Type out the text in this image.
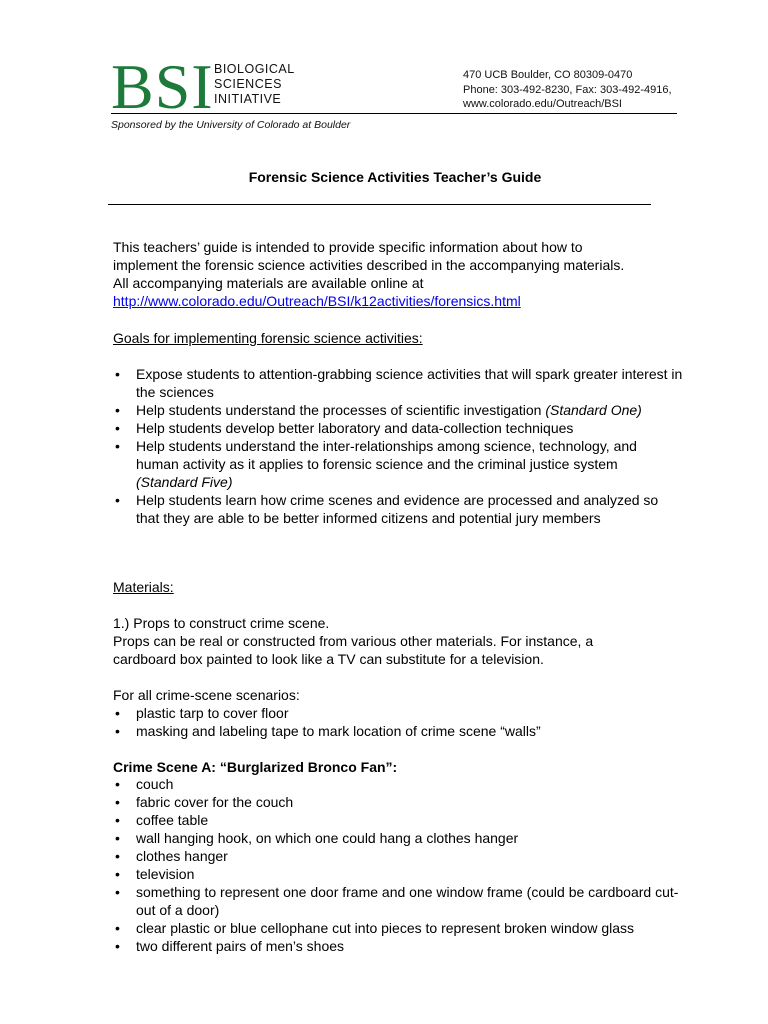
BSI BIOLOGICAL
SCIENCES
INITIATIVE
470 UCB Boulder, CO 80309-0470
Phone: 303-492-8230, Fax: 303-492-4916,
www.colorado.edu/Outreach/BSI
Sponsored by the University of Colorado at Boulder
Forensic Science Activities Teacher’s Guide
This teachers’ guide is intended to provide specific information about how to
implement the forensic science activities described in the accompanying materials.
All accompanying materials are available online at
http://www.colorado.edu/Outreach/BSI/k12activities/forensics.html
Goals for implementing forensic science activities:
• Expose students to attention-grabbing science activities that will spark greater interest in the sciences
• Help students understand the processes of scientific investigation (Standard One)
• Help students develop better laboratory and data-collection techniques
• Help students understand the inter-relationships among science, technology, and human activity as it applies to forensic science and the criminal justice system (Standard Five)
• Help students learn how crime scenes and evidence are processed and analyzed so that they are able to be better informed citizens and potential jury members
Materials:
1.) Props to construct crime scene.
Props can be real or constructed from various other materials. For instance, a
cardboard box painted to look like a TV can substitute for a television.
For all crime-scene scenarios:
• plastic tarp to cover floor
• masking and labeling tape to mark location of crime scene “walls”
Crime Scene A: “Burglarized Bronco Fan”:
• couch
• fabric cover for the couch
• coffee table
• wall hanging hook, on which one could hang a clothes hanger
• clothes hanger
• television
• something to represent one door frame and one window frame (could be cardboard cut-out of a door)
• clear plastic or blue cellophane cut into pieces to represent broken window glass
• two different pairs of men’s shoes
